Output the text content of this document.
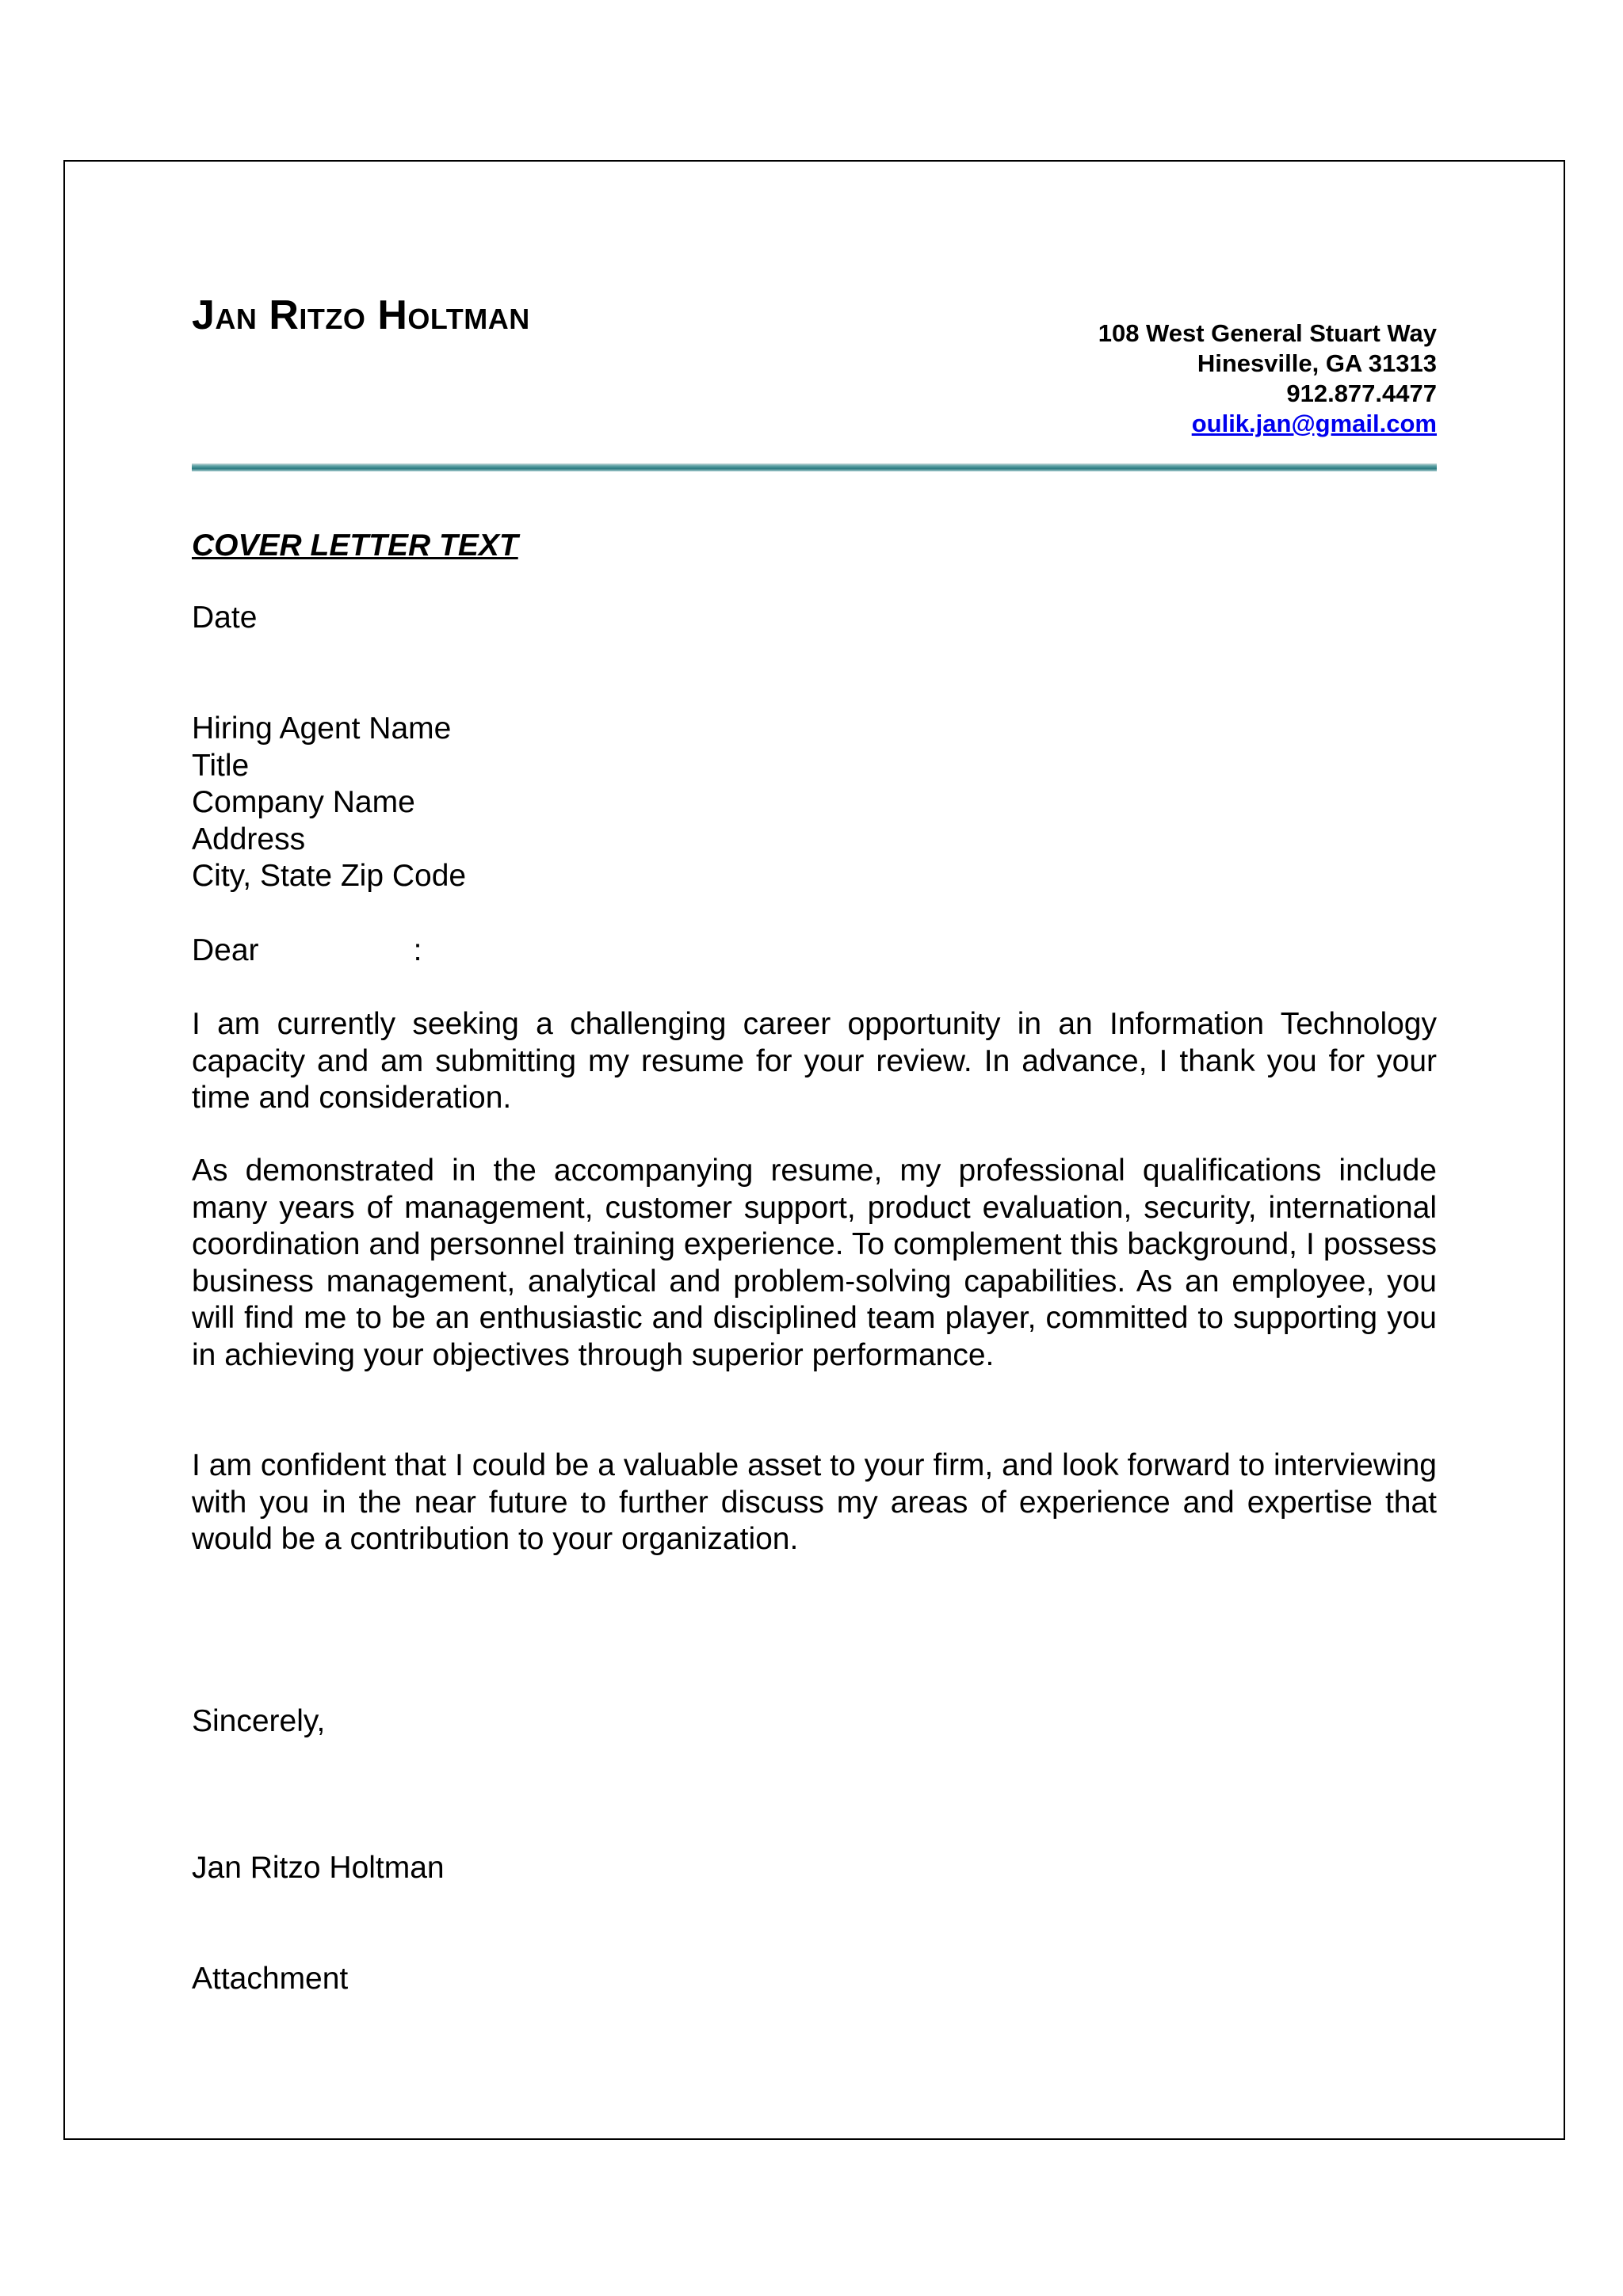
Jan Ritzo Holtman	108 West General Stuart Way
Hinesville, GA 31313
912.877.4477
oulik.jan@gmail.com
COVER LETTER TEXT
Date
Hiring Agent Name
Title
Company Name
Address
City, State Zip Code
Dear                  :
I am currently seeking a challenging career opportunity in an Information Technology capacity and am submitting my resume for your review. In advance, I thank you for your time and consideration.
As demonstrated in the accompanying resume, my professional qualifications include many years of management, customer support, product evaluation, security, international coordination and personnel training experience. To complement this background, I possess business management, analytical and problem-solving capabilities. As an employee, you will find me to be an enthusiastic and disciplined team player, committed to supporting you in achieving your objectives through superior performance.
I am confident that I could be a valuable asset to your firm, and look forward to interviewing with you in the near future to further discuss my areas of experience and expertise that would be a contribution to your organization.
Sincerely,
Jan Ritzo Holtman
Attachment
